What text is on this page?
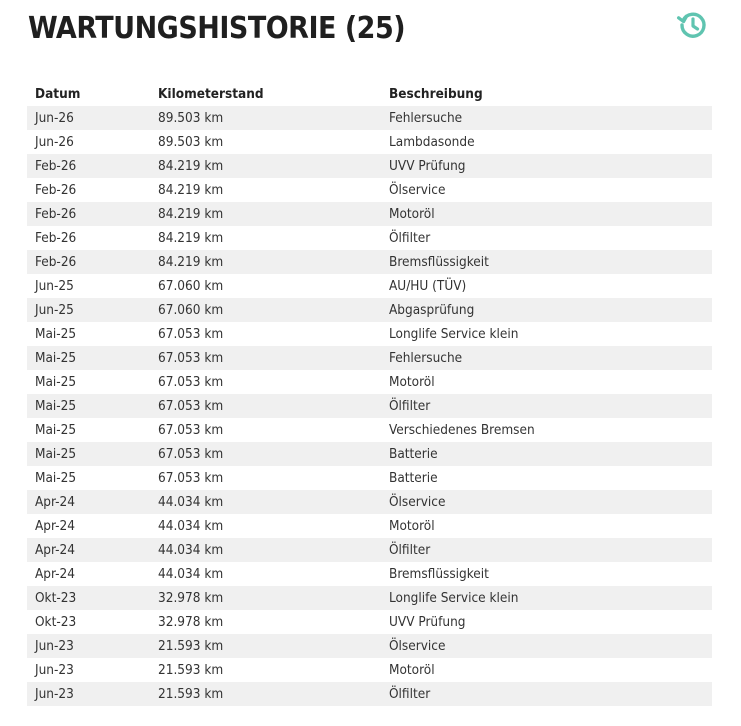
WARTUNGSHISTORIE (25)
Datum	Kilometerstand	Beschreibung
Jun-26	89.503 km	Fehlersuche
Jun-26	89.503 km	Lambdasonde
Feb-26	84.219 km	UVV Prüfung
Feb-26	84.219 km	Ölservice
Feb-26	84.219 km	Motoröl
Feb-26	84.219 km	Ölfilter
Feb-26	84.219 km	Bremsflüssigkeit
Jun-25	67.060 km	AU/HU (TÜV)
Jun-25	67.060 km	Abgasprüfung
Mai-25	67.053 km	Longlife Service klein
Mai-25	67.053 km	Fehlersuche
Mai-25	67.053 km	Motoröl
Mai-25	67.053 km	Ölfilter
Mai-25	67.053 km	Verschiedenes Bremsen
Mai-25	67.053 km	Batterie
Mai-25	67.053 km	Batterie
Apr-24	44.034 km	Ölservice
Apr-24	44.034 km	Motoröl
Apr-24	44.034 km	Ölfilter
Apr-24	44.034 km	Bremsflüssigkeit
Okt-23	32.978 km	Longlife Service klein
Okt-23	32.978 km	UVV Prüfung
Jun-23	21.593 km	Ölservice
Jun-23	21.593 km	Motoröl
Jun-23	21.593 km	Ölfilter
